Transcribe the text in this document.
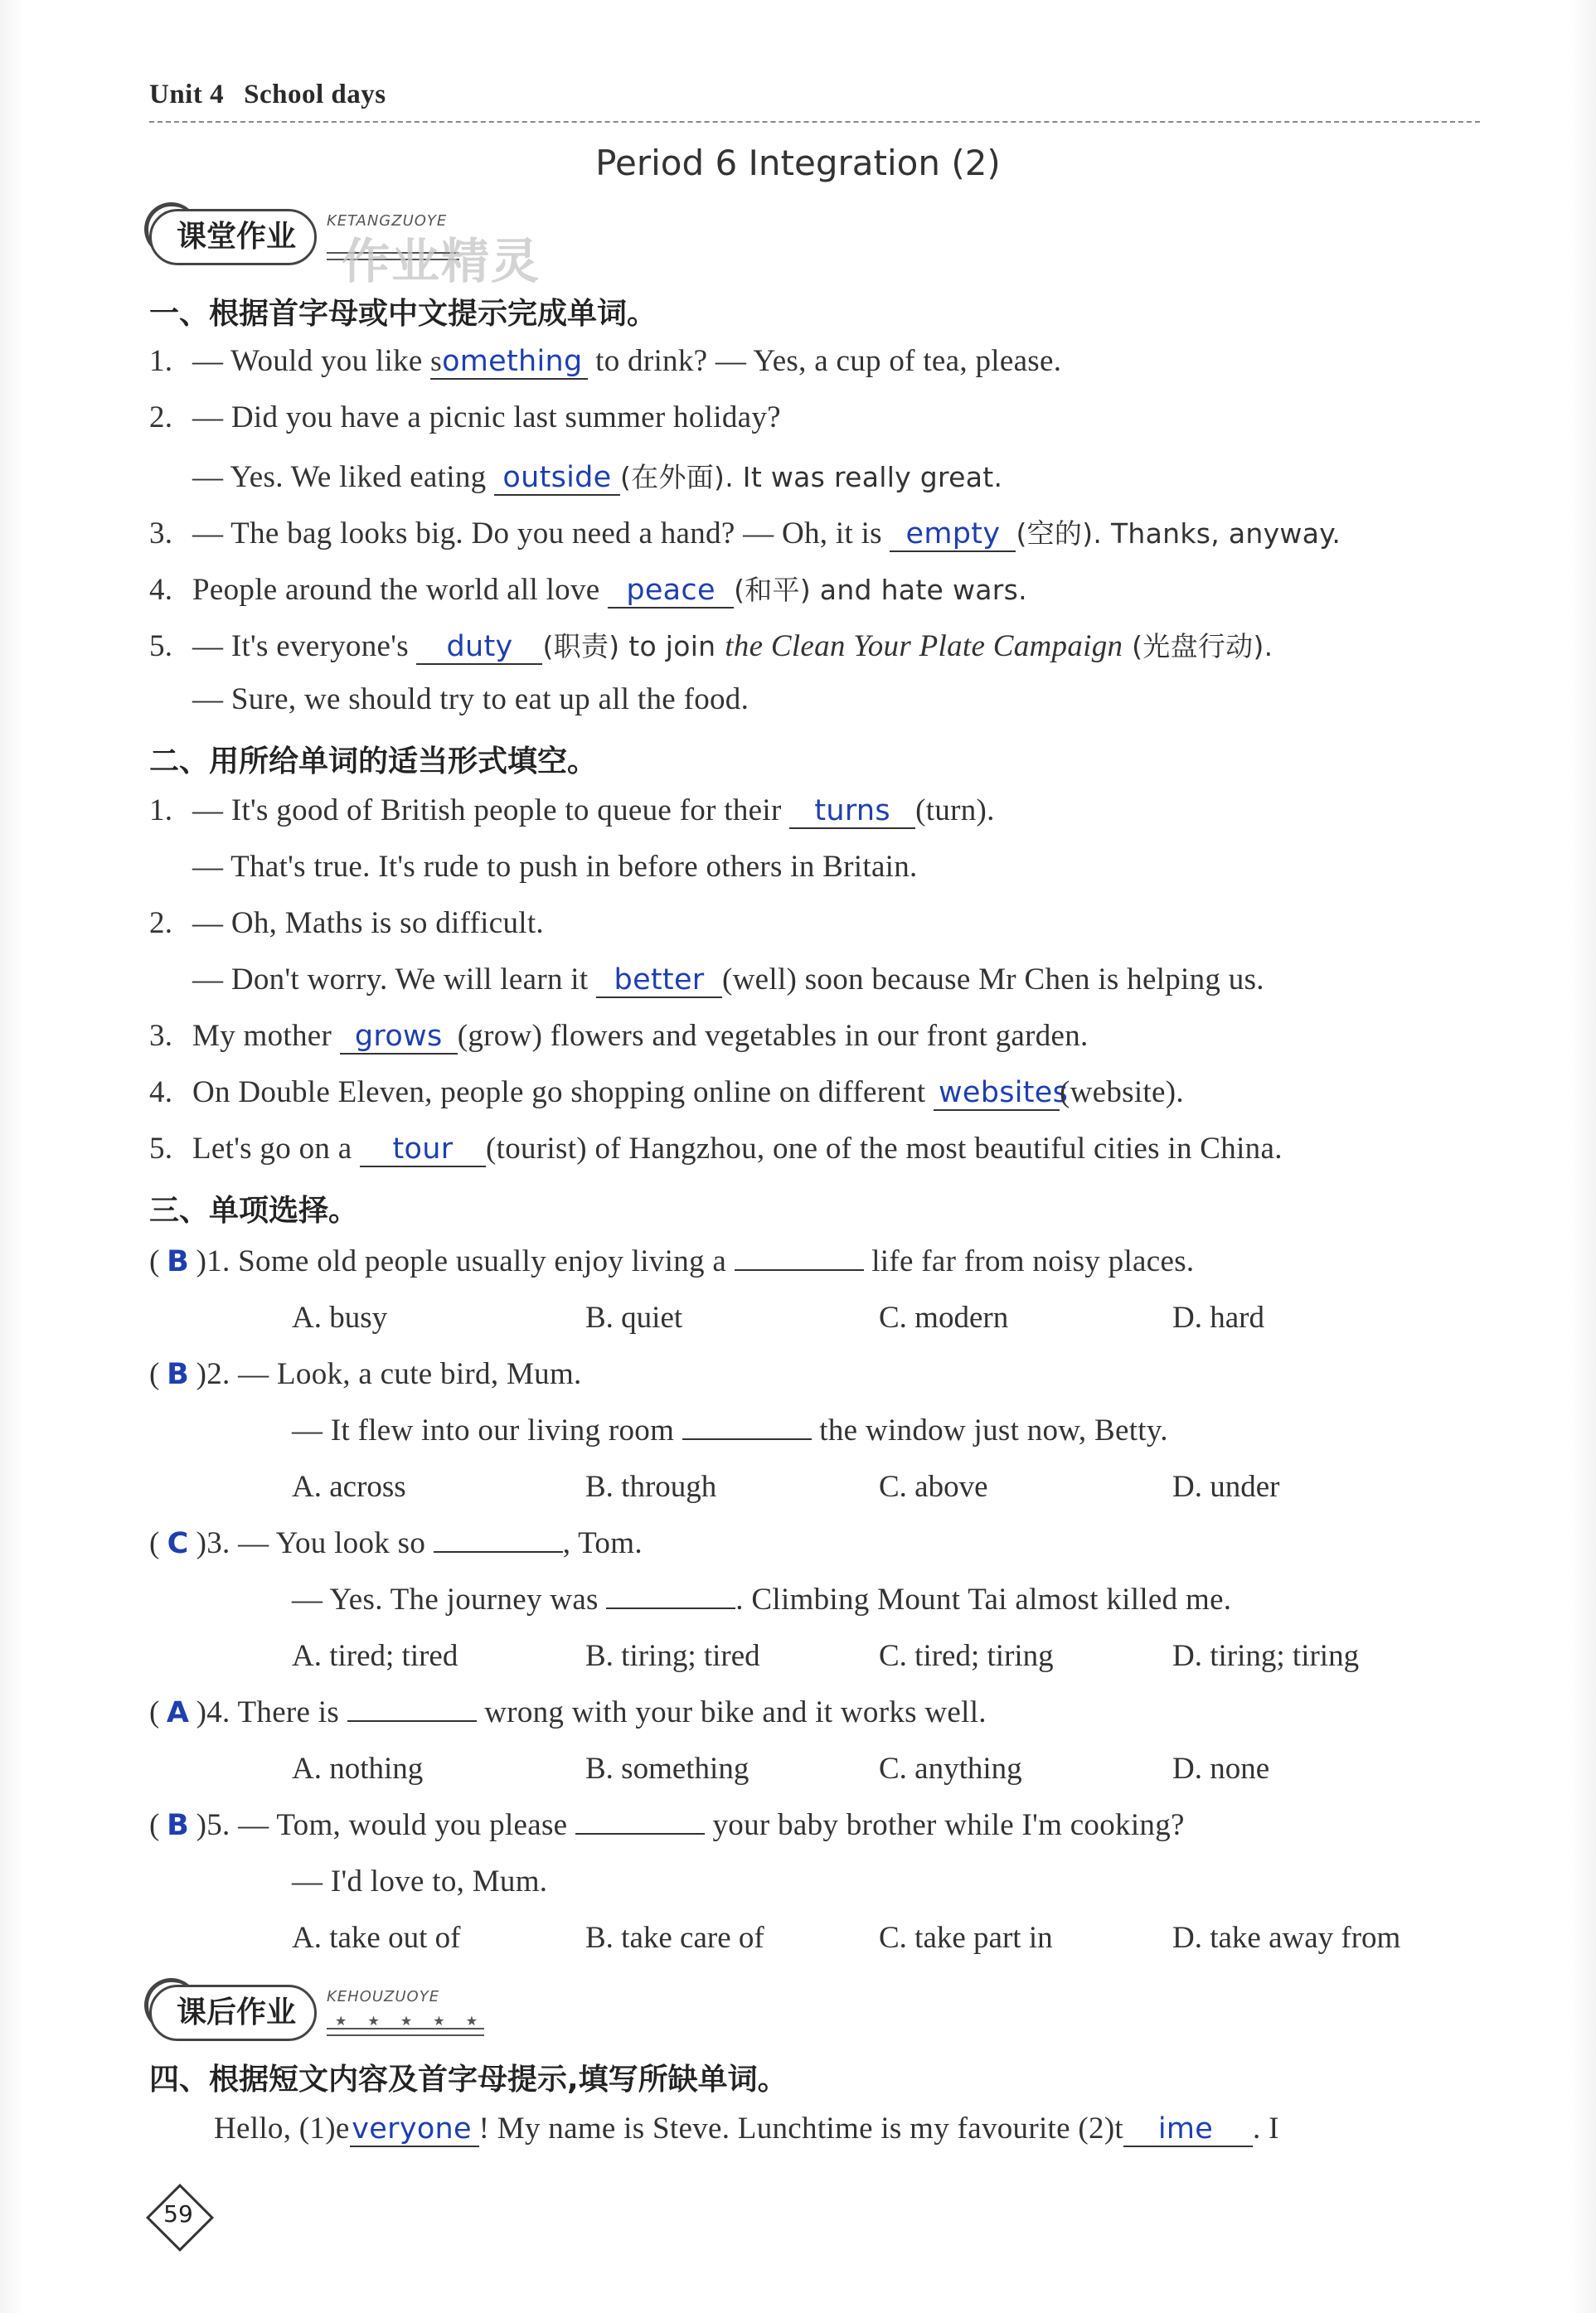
Unit 4 School days
Period 6 Integration (2)
课堂作业	KETANGZUOYE
作业精灵
一、根据首字母或中文提示完成单词。
1. — Would you like something to drink? — Yes, a cup of tea, please.
2. — Did you have a picnic last summer holiday?
— Yes. We liked eating outside (在外面). It was really great.
3. — The bag looks big. Do you need a hand? — Oh, it is empty (空的). Thanks, anyway.
4. People around the world all love peace (和平) and hate wars.
5. — It's everyone's duty (职责) to join the Clean Your Plate Campaign (光盘行动).
— Sure, we should try to eat up all the food.
二、用所给单词的适当形式填空。
1. — It's good of British people to queue for their turns (turn).
— That's true. It's rude to push in before others in Britain.
2. — Oh, Maths is so difficult.
— Don't worry. We will learn it better (well) soon because Mr Chen is helping us.
3. My mother grows (grow) flowers and vegetables in our front garden.
4. On Double Eleven, people go shopping online on different websites(website).
5. Let's go on a tour (tourist) of Hangzhou, one of the most beautiful cities in China.
三、单项选择。
( B )1. Some old people usually enjoy living a	life far from noisy places.
A. busy	B. quiet	C. modern	D. hard
( B )2. — Look, a cute bird, Mum.
— It flew into our living room	the window just now, Betty.
A. across	B. through	C. above	D. under
( C )3. — You look so	, Tom.
— Yes. The journey was	. Climbing Mount Tai almost killed me.
A. tired; tired	B. tiring; tired	C. tired; tiring	D. tiring; tiring
( A )4. There is	wrong with your bike and it works well.
A. nothing	B. something	C. anything	D. none
( B )5. — Tom, would you please	your baby brother while I'm cooking?
— I'd love to, Mum.
A. take out of	B. take care of	C. take part in	D. take away from
课后作业	KEHOUZUOYE
★ ★ ★ ★ ★
四、根据短文内容及首字母提示,填写所缺单词。
Hello, (1)everyone ! My name is Steve. Lunchtime is my favourite (2)t ime . I
59
